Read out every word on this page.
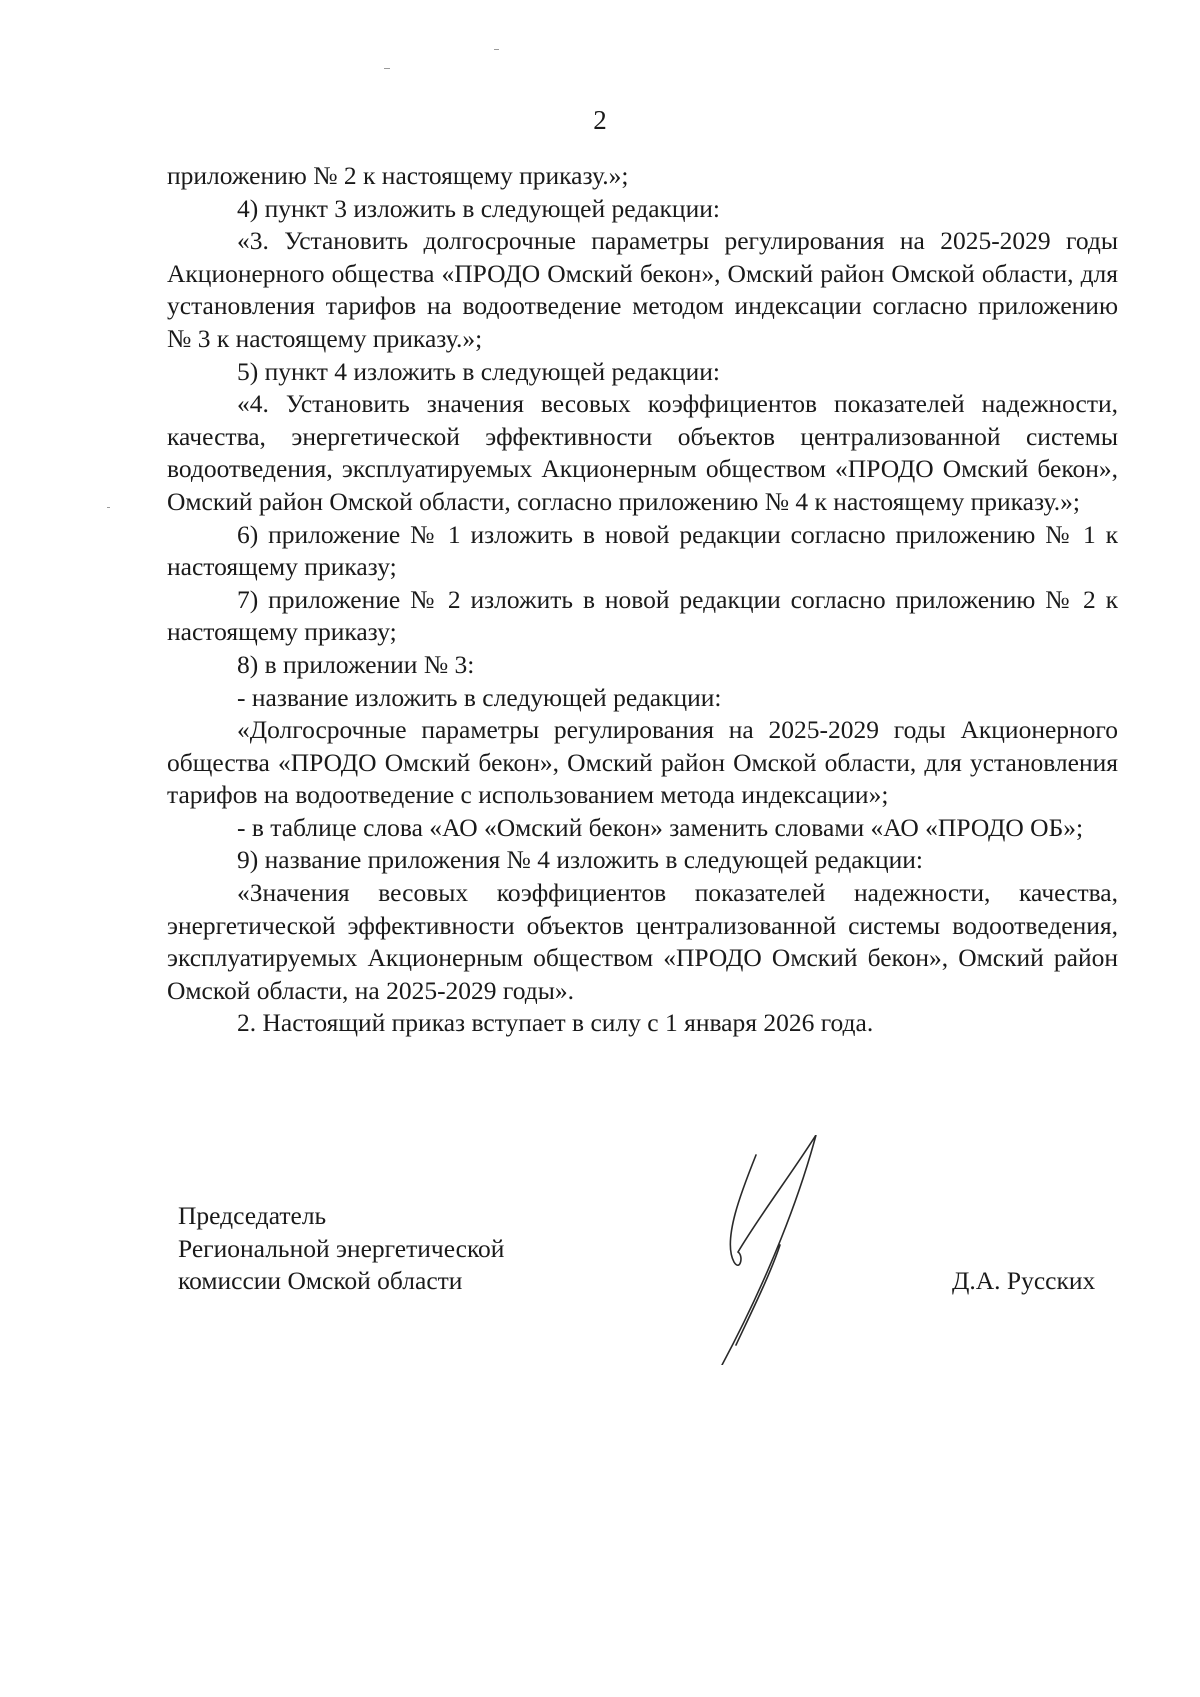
2

приложению № 2 к настоящему приказу.»;

4) пункт 3 изложить в следующей редакции:

«3. Установить долгосрочные параметры регулирования на 2025-2029 годы Акционерного общества «ПРОДО Омский бекон», Омский район Омской области, для установления тарифов на водоотведение методом индексации согласно приложению № 3 к настоящему приказу.»;

5) пункт 4 изложить в следующей редакции:

«4. Установить значения весовых коэффициентов показателей надежности, качества, энергетической эффективности объектов централизованной системы водоотведения, эксплуатируемых Акционерным обществом «ПРОДО Омский бекон», Омский район Омской области, согласно приложению № 4 к настоящему приказу.»;

6) приложение № 1 изложить в новой редакции согласно приложению № 1 к настоящему приказу;

7) приложение № 2 изложить в новой редакции согласно приложению № 2 к настоящему приказу;

8) в приложении № 3:

- название изложить в следующей редакции:

«Долгосрочные параметры регулирования на 2025-2029 годы Акционерного общества «ПРОДО Омский бекон», Омский район Омской области, для установления тарифов на водоотведение с использованием метода индексации»;

- в таблице слова «АО «Омский бекон» заменить словами «АО «ПРОДО ОБ»;

9) название приложения № 4 изложить в следующей редакции:

«Значения весовых коэффициентов показателей надежности, качества, энергетической эффективности объектов централизованной системы водоотведения, эксплуатируемых Акционерным обществом «ПРОДО Омский бекон», Омский район Омской области, на 2025-2029 годы».

2. Настоящий приказ вступает в силу с 1 января 2026 года.

Председатель
Региональной энергетической
комиссии Омской области	Д.А. Русских
